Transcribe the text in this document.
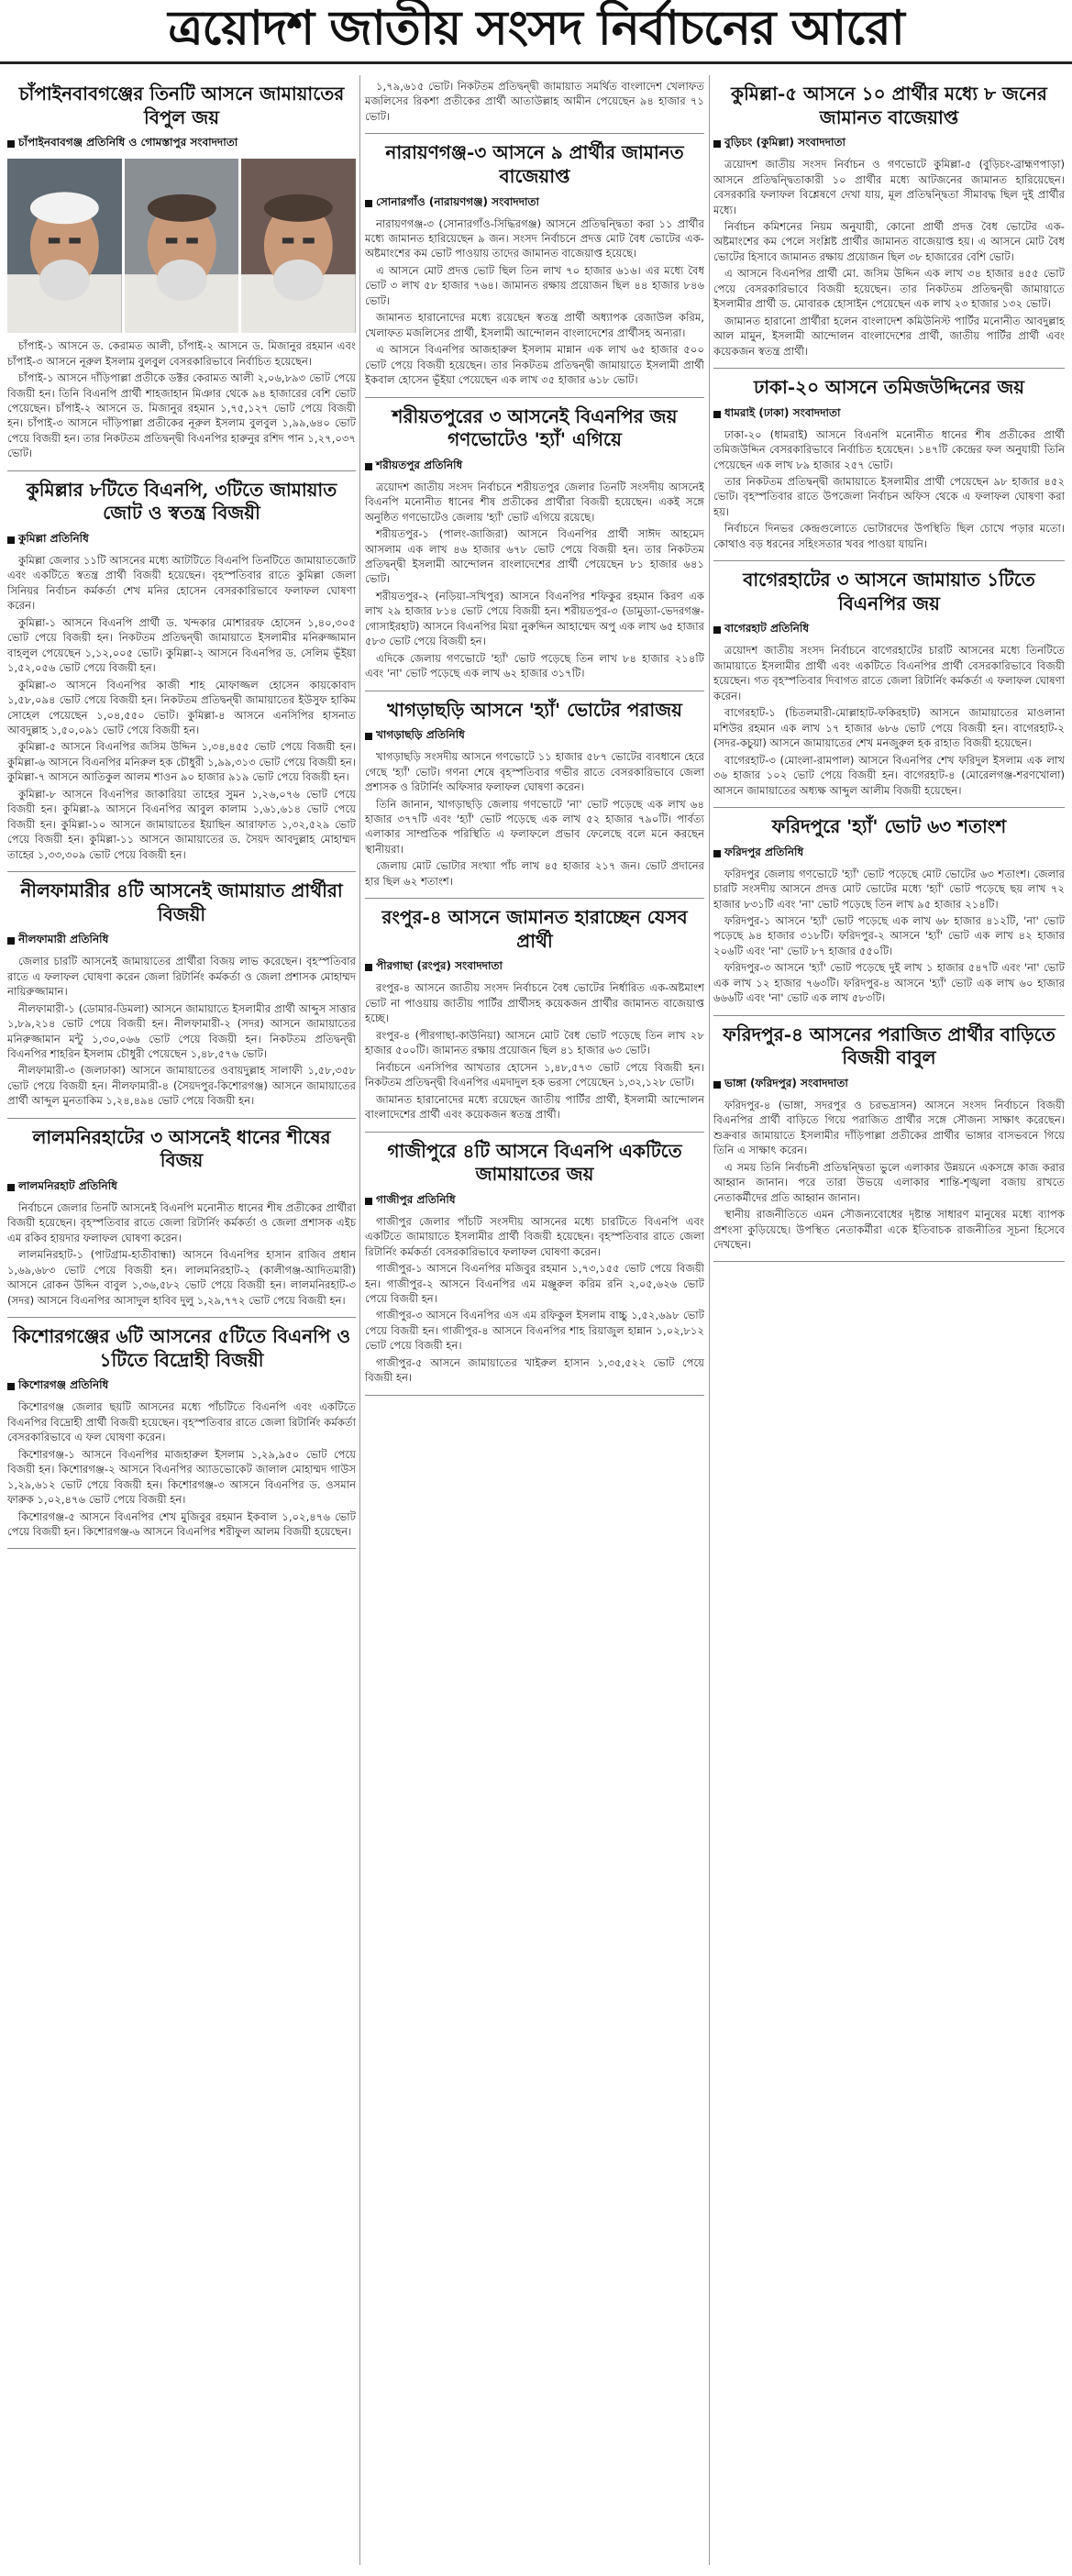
ত্রয়োদশ জাতীয় সংসদ নির্বাচনের আরো
চাঁপাইনবাবগঞ্জের তিনটি আসনে জামায়াতের বিপুল জয়
চাঁপাইনবাবগঞ্জ প্রতিনিধি ও গোমস্তাপুর সংবাদদাতা

চাঁপাই-১ আসনে ড. কেরামত আলী, চাঁপাই-২ আসনে ড. মিজানুর রহমান এবং চাঁপাই-৩ আসনে নূরুল ইসলাম বুলবুল বেসরকারিভাবে নির্বাচিত হয়েছেন।

চাঁপাই-১ আসনে দাঁড়িপাল্লা প্রতীকে ডক্টর কেরামত আলী ২,০৬,৮৯৩ ভোট পেয়ে বিজয়ী হন। তিনি বিএনপি প্রার্থী শাহজাহান মিঞার থেকে ৯৪ হাজারের বেশি ভোট পেয়েছেন। চাঁপাই-২ আসনে ড. মিজানুর রহমান ১,৭৫,১২৭ ভোট পেয়ে বিজয়ী হন। চাঁপাই-৩ আসনে দাঁড়িপাল্লা প্রতীকের নূরুল ইসলাম বুলবুল ১,৯৯,৬৪০ ভোট পেয়ে বিজয়ী হন। তার নিকটতম প্রতিদ্বন্দ্বী বিএনপির হারুনুর রশিদ পান ১,২৭,০৩৭ ভোট।

কুমিল্লার ৮টিতে বিএনপি, ৩টিতে জামায়াত জোট ও স্বতন্ত্র বিজয়ী
কুমিল্লা প্রতিনিধি

কুমিল্লা জেলার ১১টি আসনের মধ্যে আটটিতে বিএনপি তিনটিতে জামায়াতজোট এবং একটিতে স্বতন্ত্র প্রার্থী বিজয়ী হয়েছেন। বৃহস্পতিবার রাতে কুমিল্লা জেলা সিনিয়র নির্বাচন কর্মকর্তা শেখ মনির হোসেন বেসরকারিভাবে ফলাফল ঘোষণা করেন।

কুমিল্লা-১ আসনে বিএনপি প্রার্থী ড. খন্দকার মোশাররফ হোসেন ১,৪০,৩০৫ ভোট পেয়ে বিজয়ী হন। নিকটতম প্রতিদ্বন্দ্বী জামায়াতে ইসলামীর মনিরুজ্জামান বাহলুল পেয়েছেন ১,১২,০০৫ ভোট। কুমিল্লা-২ আসনে বিএনপির ড. সেলিম ভূঁইয়া ১,৫২,০৫৬ ভোট পেয়ে বিজয়ী হন।

কুমিল্লা-৩ আসনে বিএনপির কাজী শাহ মোফাজ্জল হোসেন কায়কোবাদ ১,৫৮,০৯৪ ভোট পেয়ে বিজয়ী হন। নিকটতম প্রতিদ্বন্দ্বী জামায়াতের ইউসুফ হাকিম সোহেল পেয়েছেন ১,০৪,৫৫০ ভোট। কুমিল্লা-৪ আসনে এনসিপির হাসনাত আবদুল্লাহ ১,৫০,০৯১ ভোট পেয়ে বিজয়ী হন।

কুমিল্লা-৫ আসনে বিএনপির জসিম উদ্দিন ১,৩৪,৪৫৫ ভোট পেয়ে বিজয়ী হন। কুমিল্লা-৬ আসনে বিএনপির মনিরুল হক চৌধুরী ১,৯৯,৩১৩ ভোট পেয়ে বিজয়ী হন। কুমিল্লা-৭ আসনে আতিকুল আলম শাওন ৯০ হাজার ৯১৯ ভোট পেয়ে বিজয়ী হন।

কুমিল্লা-৮ আসনে বিএনপির জাকারিয়া তাহের সুমন ১,২৬,০৭৬ ভোট পেয়ে বিজয়ী হন। কুমিল্লা-৯ আসনে বিএনপির আবুল কালাম ১,৬১,৬১৪ ভোট পেয়ে বিজয়ী হন। কুমিল্লা-১০ আসনে জামায়াতের ইয়াছিন আরাফাত ১,৩২,৫২৯ ভোট পেয়ে বিজয়ী হন। কুমিল্লা-১১ আসনে জামায়াতের ড. সৈয়দ আবদুল্লাহ মোহাম্মদ তাহের ১,৩৩,৩০৯ ভোট পেয়ে বিজয়ী হন।

নীলফামারীর ৪টি আসনেই জামায়াত প্রার্থীরা বিজয়ী
নীলফামারী প্রতিনিধি

জেলার চারটি আসনেই জামায়াতের প্রার্থীরা বিজয় লাভ করেছেন। বৃহস্পতিবার রাতে এ ফলাফল ঘোষণা করেন জেলা রিটার্নিং কর্মকর্তা ও জেলা প্রশাসক মোহাম্মদ নায়িরুজ্জামান।

নীলফামারী-১ (ডোমার-ডিমলা) আসনে জামায়াতে ইসলামীর প্রার্থী আব্দুস সাত্তার ১,৮৯,২১৪ ভোট পেয়ে বিজয়ী হন। নীলফামারী-২ (সদর) আসনে জামায়াতের মনিরুজ্জামান মন্টু ১,৩০,০৬৬ ভোট পেয়ে বিজয়ী হন। নিকটতম প্রতিদ্বন্দ্বী বিএনপির শাহরিন ইসলাম চৌধুরী পেয়েছেন ১,৪৮,৫৭৬ ভোট।

নীলফামারী-৩ (জলঢাকা) আসনে জামায়াতের ওবায়দুল্লাহ সালাফী ১,৫৮,৩৫৮ ভোট পেয়ে বিজয়ী হন। নীলফামারী-৪ (সৈয়দপুর-কিশোরগঞ্জ) আসনে জামায়াতের প্রার্থী আব্দুল মুনতাকিম ১,২৪,৪৯৪ ভোট পেয়ে বিজয়ী হন।

লালমনিরহাটের ৩ আসনেই ধানের শীষের বিজয়
লালমনিরহাট প্রতিনিধি

নির্বাচনে জেলার তিনটি আসনেই বিএনপি মনোনীত ধানের শীষ প্রতীকের প্রার্থীরা বিজয়ী হয়েছেন। বৃহস্পতিবার রাতে জেলা রিটার্নিং কর্মকর্তা ও জেলা প্রশাসক এইচ এম রকিব হায়দার ফলাফল ঘোষণা করেন।

লালমনিরহাট-১ (পাটগ্রাম-হাতীবান্ধা) আসনে বিএনপির হাসান রাজিব প্রধান ১,৬৯,৬৮৩ ভোট পেয়ে বিজয়ী হন। লালমনিরহাট-২ (কালীগঞ্জ-আদিতমারী) আসনে রোকন উদ্দিন বাবুল ১,৩৬,৫৮২ ভোট পেয়ে বিজয়ী হন। লালমনিরহাট-৩ (সদর) আসনে বিএনপির আসাদুল হাবিব দুলু ১,২৯,৭৭২ ভোট পেয়ে বিজয়ী হন।

কিশোরগঞ্জের ৬টি আসনের ৫টিতে বিএনপি ও ১টিতে বিদ্রোহী বিজয়ী
কিশোরগঞ্জ প্রতিনিধি

কিশোরগঞ্জ জেলার ছয়টি আসনের মধ্যে পাঁচটিতে বিএনপি এবং একটিতে বিএনপির বিদ্রোহী প্রার্থী বিজয়ী হয়েছেন। বৃহস্পতিবার রাতে জেলা রিটার্নিং কর্মকর্তা বেসরকারিভাবে এ ফল ঘোষণা করেন।

কিশোরগঞ্জ-১ আসনে বিএনপির মাজহারুল ইসলাম ১,২৯,৯৫০ ভোট পেয়ে বিজয়ী হন। কিশোরগঞ্জ-২ আসনে বিএনপির অ্যাডভোকেট জালাল মোহাম্মদ গাউস ১,২৯,৬১২ ভোট পেয়ে বিজয়ী হন। কিশোরগঞ্জ-৩ আসনে বিএনপির ড. ওসমান ফারুক ১,০২,৪৭৬ ভোট পেয়ে বিজয়ী হন।

কিশোরগঞ্জ-৫ আসনে বিএনপির শেখ মুজিবুর রহমান ইকবাল ১,০২,৪৭৬ ভোট পেয়ে বিজয়ী হন। কিশোরগঞ্জ-৬ আসনে বিএনপির শরীফুল আলম বিজয়ী হয়েছেন।

১,৭৯,৬১৫ ভোট। নিকটতম প্রতিদ্বন্দ্বী জামায়াত সমর্থিত বাংলাদেশ খেলাফত মজলিসের রিকশা প্রতীকের প্রার্থী আতাউল্লাহ আমীন পেয়েছেন ৯৪ হাজার ৭১ ভোট।

নারায়ণগঞ্জ-৩ আসনে ৯ প্রার্থীর জামানত বাজেয়াপ্ত
সোনারগাঁও (নারায়ণগঞ্জ) সংবাদদাতা

নারায়ণগঞ্জ-৩ (সোনারগাঁও-সিদ্ধিরগঞ্জ) আসনে প্রতিদ্বন্দ্বিতা করা ১১ প্রার্থীর মধ্যে জামানত হারিয়েছেন ৯ জন। সংসদ নির্বাচনে প্রদত্ত মোট বৈধ ভোটের এক-অষ্টমাংশের কম ভোট পাওয়ায় তাদের জামানত বাজেয়াপ্ত হয়েছে।

এ আসনে মোট প্রদত্ত ভোট ছিল তিন লাখ ৭০ হাজার ৬১৬। এর মধ্যে বৈধ ভোট ৩ লাখ ৫৮ হাজার ৭৬৪। জামানত রক্ষায় প্রয়োজন ছিল ৪৪ হাজার ৮৪৬ ভোট।

জামানত হারানোদের মধ্যে রয়েছেন স্বতন্ত্র প্রার্থী অধ্যাপক রেজাউল করিম, খেলাফত মজলিসের প্রার্থী, ইসলামী আন্দোলন বাংলাদেশের প্রার্থীসহ অন্যরা।

এ আসনে বিএনপির আজহারুল ইসলাম মান্নান এক লাখ ৬৫ হাজার ৫০০ ভোট পেয়ে বিজয়ী হয়েছেন। তার নিকটতম প্রতিদ্বন্দ্বী জামায়াতে ইসলামী প্রার্থী ইকবাল হোসেন ভূঁইয়া পেয়েছেন এক লাখ ৩৫ হাজার ৬১৮ ভোট।

শরীয়তপুরের ৩ আসনেই বিএনপির জয় গণভোটেও 'হ্যাঁ' এগিয়ে
শরীয়তপুর প্রতিনিধি

ত্রয়োদশ জাতীয় সংসদ নির্বাচনে শরীয়তপুর জেলার তিনটি সংসদীয় আসনেই বিএনপি মনোনীত ধানের শীষ প্রতীকের প্রার্থীরা বিজয়ী হয়েছেন। একই সঙ্গে অনুষ্ঠিত গণভোটেও জেলায় 'হ্যাঁ' ভোট এগিয়ে রয়েছে।

শরীয়তপুর-১ (পালং-জাজিরা) আসনে বিএনপির প্রার্থী সাঈদ আহমেদ আসলাম এক লাখ ৪৬ হাজার ৬৭৮ ভোট পেয়ে বিজয়ী হন। তার নিকটতম প্রতিদ্বন্দ্বী ইসলামী আন্দোলন বাংলাদেশের প্রার্থী পেয়েছেন ৮১ হাজার ৬৪১ ভোট।

শরীয়তপুর-২ (নড়িয়া-সখিপুর) আসনে বিএনপির শফিকুর রহমান কিরণ এক লাখ ২৯ হাজার ৮১৪ ভোট পেয়ে বিজয়ী হন। শরীয়তপুর-৩ (ডামুড্যা-ভেদরগঞ্জ-গোসাইরহাট) আসনে বিএনপির মিয়া নুরুদ্দিন আহাম্মেদ অপু এক লাখ ৬৫ হাজার ৫৮৩ ভোট পেয়ে বিজয়ী হন।

এদিকে জেলায় গণভোটে 'হ্যাঁ' ভোট পড়েছে তিন লাখ ৮৪ হাজার ২১৪টি এবং 'না' ভোট পড়েছে এক লাখ ৬২ হাজার ৩১৭টি।

খাগড়াছড়ি আসনে 'হ্যাঁ' ভোটের পরাজয়
খাগড়াছড়ি প্রতিনিধি

খাগড়াছড়ি সংসদীয় আসনে গণভোটে ১১ হাজার ৫৮৭ ভোটের ব্যবধানে হেরে গেছে 'হ্যাঁ' ভোট। গণনা শেষে বৃহস্পতিবার গভীর রাতে বেসরকারিভাবে জেলা প্রশাসক ও রিটার্নিং অফিসার ফলাফল ঘোষণা করেন।

তিনি জানান, খাগড়াছড়ি জেলায় গণভোটে 'না' ভোট পড়েছে এক লাখ ৬৪ হাজার ৩৭৭টি এবং 'হ্যাঁ' ভোট পড়েছে এক লাখ ৫২ হাজার ৭৯০টি। পার্বত্য এলাকার সাম্প্রতিক পরিস্থিতি এ ফলাফলে প্রভাব ফেলেছে বলে মনে করছেন স্থানীয়রা।

জেলায় মোট ভোটার সংখ্যা পাঁচ লাখ ৪৫ হাজার ২১৭ জন। ভোট প্রদানের হার ছিল ৬২ শতাংশ।

রংপুর-৪ আসনে জামানত হারাচ্ছেন যেসব প্রার্থী
পীরগাছা (রংপুর) সংবাদদাতা

রংপুর-৪ আসনে জাতীয় সংসদ নির্বাচনে বৈধ ভোটের নির্ধারিত এক-অষ্টমাংশ ভোট না পাওয়ায় জাতীয় পার্টির প্রার্থীসহ কয়েকজন প্রার্থীর জামানত বাজেয়াপ্ত হচ্ছে।

রংপুর-৪ (পীরগাছা-কাউনিয়া) আসনে মোট বৈধ ভোট পড়েছে তিন লাখ ২৮ হাজার ৫০০টি। জামানত রক্ষায় প্রয়োজন ছিল ৪১ হাজার ৬৩ ভোট।

নির্বাচনে এনসিপির আখতার হোসেন ১,৪৮,৫৭৩ ভোট পেয়ে বিজয়ী হন। নিকটতম প্রতিদ্বন্দ্বী বিএনপির এমদাদুল হক ভরসা পেয়েছেন ১,৩২,১২৮ ভোট।

জামানত হারানোদের মধ্যে রয়েছেন জাতীয় পার্টির প্রার্থী, ইসলামী আন্দোলন বাংলাদেশের প্রার্থী এবং কয়েকজন স্বতন্ত্র প্রার্থী।

গাজীপুরে ৪টি আসনে বিএনপি একটিতে জামায়াতের জয়
গাজীপুর প্রতিনিধি

গাজীপুর জেলার পাঁচটি সংসদীয় আসনের মধ্যে চারটিতে বিএনপি এবং একটিতে জামায়াতে ইসলামীর প্রার্থী বিজয়ী হয়েছেন। বৃহস্পতিবার রাতে জেলা রিটার্নিং কর্মকর্তা বেসরকারিভাবে ফলাফল ঘোষণা করেন।

গাজীপুর-১ আসনে বিএনপির মজিবুর রহমান ১,৭৩,১৫৫ ভোট পেয়ে বিজয়ী হন। গাজীপুর-২ আসনে বিএনপির এম মঞ্জুরুল করিম রনি ২,০৫,৬২৬ ভোট পেয়ে বিজয়ী হন।

গাজীপুর-৩ আসনে বিএনপির এস এম রফিকুল ইসলাম বাচ্চু ১,৫২,৬৯৮ ভোট পেয়ে বিজয়ী হন। গাজীপুর-৪ আসনে বিএনপির শাহ রিয়াজুল হান্নান ১,০২,৮১২ ভোট পেয়ে বিজয়ী হন।

গাজীপুর-৫ আসনে জামায়াতের খাইরুল হাসান ১,৩৫,৫২২ ভোট পেয়ে বিজয়ী হন।

কুমিল্লা-৫ আসনে ১০ প্রার্থীর মধ্যে ৮ জনের জামানত বাজেয়াপ্ত
বুড়িচং (কুমিল্লা) সংবাদদাতা

ত্রয়োদশ জাতীয় সংসদ নির্বাচন ও গণভোটে কুমিল্লা-৫ (বুড়িচং-ব্রাহ্মণপাড়া) আসনে প্রতিদ্বন্দ্বিতাকারী ১০ প্রার্থীর মধ্যে আটজনের জামানত হারিয়েছেন। বেসরকারি ফলাফল বিশ্লেষণে দেখা যায়, মূল প্রতিদ্বন্দ্বিতা সীমাবদ্ধ ছিল দুই প্রার্থীর মধ্যে।

নির্বাচন কমিশনের নিয়ম অনুযায়ী, কোনো প্রার্থী প্রদত্ত বৈধ ভোটের এক-অষ্টমাংশের কম পেলে সংশ্লিষ্ট প্রার্থীর জামানত বাজেয়াপ্ত হয়। এ আসনে মোট বৈধ ভোটের হিসাবে জামানত রক্ষায় প্রয়োজন ছিল ৩৮ হাজারের বেশি ভোট।

এ আসনে বিএনপির প্রার্থী মো. জসিম উদ্দিন এক লাখ ৩৪ হাজার ৪৫৫ ভোট পেয়ে বেসরকারিভাবে বিজয়ী হয়েছেন। তার নিকটতম প্রতিদ্বন্দ্বী জামায়াতে ইসলামীর প্রার্থী ড. মোবারক হোসাইন পেয়েছেন এক লাখ ২৩ হাজার ১৩২ ভোট।

জামানত হারানো প্রার্থীরা হলেন বাংলাদেশ কমিউনিস্ট পার্টির মনোনীত আবদুল্লাহ আল মামুন, ইসলামী আন্দোলন বাংলাদেশের প্রার্থী, জাতীয় পার্টির প্রার্থী এবং কয়েকজন স্বতন্ত্র প্রার্থী।

ঢাকা-২০ আসনে তমিজউদ্দিনের জয়
ধামরাই (ঢাকা) সংবাদদাতা

ঢাকা-২০ (ধামরাই) আসনে বিএনপি মনোনীত ধানের শীষ প্রতীকের প্রার্থী তমিজউদ্দিন বেসরকারিভাবে নির্বাচিত হয়েছেন। ১৪৭টি কেন্দ্রের ফল অনুযায়ী তিনি পেয়েছেন এক লাখ ৮৯ হাজার ২৫৭ ভোট।

তার নিকটতম প্রতিদ্বন্দ্বী জামায়াতে ইসলামীর প্রার্থী পেয়েছেন ৯৮ হাজার ৪৫২ ভোট। বৃহস্পতিবার রাতে উপজেলা নির্বাচন অফিস থেকে এ ফলাফল ঘোষণা করা হয়।

নির্বাচনে দিনভর কেন্দ্রগুলোতে ভোটারদের উপস্থিতি ছিল চোখে পড়ার মতো। কোথাও বড় ধরনের সহিংসতার খবর পাওয়া যায়নি।

বাগেরহাটের ৩ আসনে জামায়াত ১টিতে বিএনপির জয়
বাগেরহাট প্রতিনিধি

ত্রয়োদশ জাতীয় সংসদ নির্বাচনে বাগেরহাটের চারটি আসনের মধ্যে তিনটিতে জামায়াতে ইসলামীর প্রার্থী এবং একটিতে বিএনপির প্রার্থী বেসরকারিভাবে বিজয়ী হয়েছেন। গত বৃহস্পতিবার দিবাগত রাতে জেলা রিটার্নিং কর্মকর্তা এ ফলাফল ঘোষণা করেন।

বাগেরহাট-১ (চিতলমারী-মোল্লাহাট-ফকিরহাট) আসনে জামায়াতের মাওলানা মশিউর রহমান এক লাখ ১৭ হাজার ৬৮৬ ভোট পেয়ে বিজয়ী হন। বাগেরহাট-২ (সদর-কচুয়া) আসনে জামায়াতের শেখ মনজুরুল হক রাহাত বিজয়ী হয়েছেন।

বাগেরহাট-৩ (মোংলা-রামপাল) আসনে বিএনপির শেখ ফরিদুল ইসলাম এক লাখ ৩৬ হাজার ১০২ ভোট পেয়ে বিজয়ী হন। বাগেরহাট-৪ (মোরেলগঞ্জ-শরণখোলা) আসনে জামায়াতের অধ্যক্ষ আব্দুল আলীম বিজয়ী হয়েছেন।

ফরিদপুরে 'হ্যাঁ' ভোট ৬৩ শতাংশ
ফরিদপুর প্রতিনিধি

ফরিদপুর জেলায় গণভোটে 'হ্যাঁ' ভোট পড়েছে মোট ভোটের ৬৩ শতাংশ। জেলার চারটি সংসদীয় আসনে প্রদত্ত মোট ভোটের মধ্যে 'হ্যাঁ' ভোট পড়েছে ছয় লাখ ৭২ হাজার ৮৩১টি এবং 'না' ভোট পড়েছে তিন লাখ ৯৫ হাজার ২১৪টি।

ফরিদপুর-১ আসনে 'হ্যাঁ' ভোট পড়েছে এক লাখ ৬৮ হাজার ৪১২টি, 'না' ভোট পড়েছে ৯৪ হাজার ৩১৮টি। ফরিদপুর-২ আসনে 'হ্যাঁ' ভোট এক লাখ ৪২ হাজার ২০৬টি এবং 'না' ভোট ৮৭ হাজার ৫৫০টি।

ফরিদপুর-৩ আসনে 'হ্যাঁ' ভোট পড়েছে দুই লাখ ১ হাজার ৫৪৭টি এবং 'না' ভোট এক লাখ ১২ হাজার ৭৬৩টি। ফরিদপুর-৪ আসনে 'হ্যাঁ' ভোট এক লাখ ৬০ হাজার ৬৬৬টি এবং 'না' ভোট এক লাখ ৫৮৩টি।

ফরিদপুর-৪ আসনের পরাজিত প্রার্থীর বাড়িতে বিজয়ী বাবুল
ভাঙ্গা (ফরিদপুর) সংবাদদাতা

ফরিদপুর-৪ (ভাঙ্গা, সদরপুর ও চরভদ্রাসন) আসনে সংসদ নির্বাচনে বিজয়ী বিএনপির প্রার্থী বাড়িতে গিয়ে পরাজিত প্রার্থীর সঙ্গে সৌজন্য সাক্ষাৎ করেছেন। শুক্রবার জামায়াতে ইসলামীর দাঁড়িপাল্লা প্রতীকের প্রার্থীর ভাঙ্গার বাসভবনে গিয়ে তিনি এ সাক্ষাৎ করেন।

এ সময় তিনি নির্বাচনী প্রতিদ্বন্দ্বিতা ভুলে এলাকার উন্নয়নে একসঙ্গে কাজ করার আহ্বান জানান। পরে তারা উভয়ে এলাকার শান্তি-শৃঙ্খলা বজায় রাখতে নেতাকর্মীদের প্রতি আহ্বান জানান।

স্থানীয় রাজনীতিতে এমন সৌজন্যবোধের দৃষ্টান্ত সাধারণ মানুষের মধ্যে ব্যাপক প্রশংসা কুড়িয়েছে। উপস্থিত নেতাকর্মীরা একে ইতিবাচক রাজনীতির সূচনা হিসেবে দেখছেন।
